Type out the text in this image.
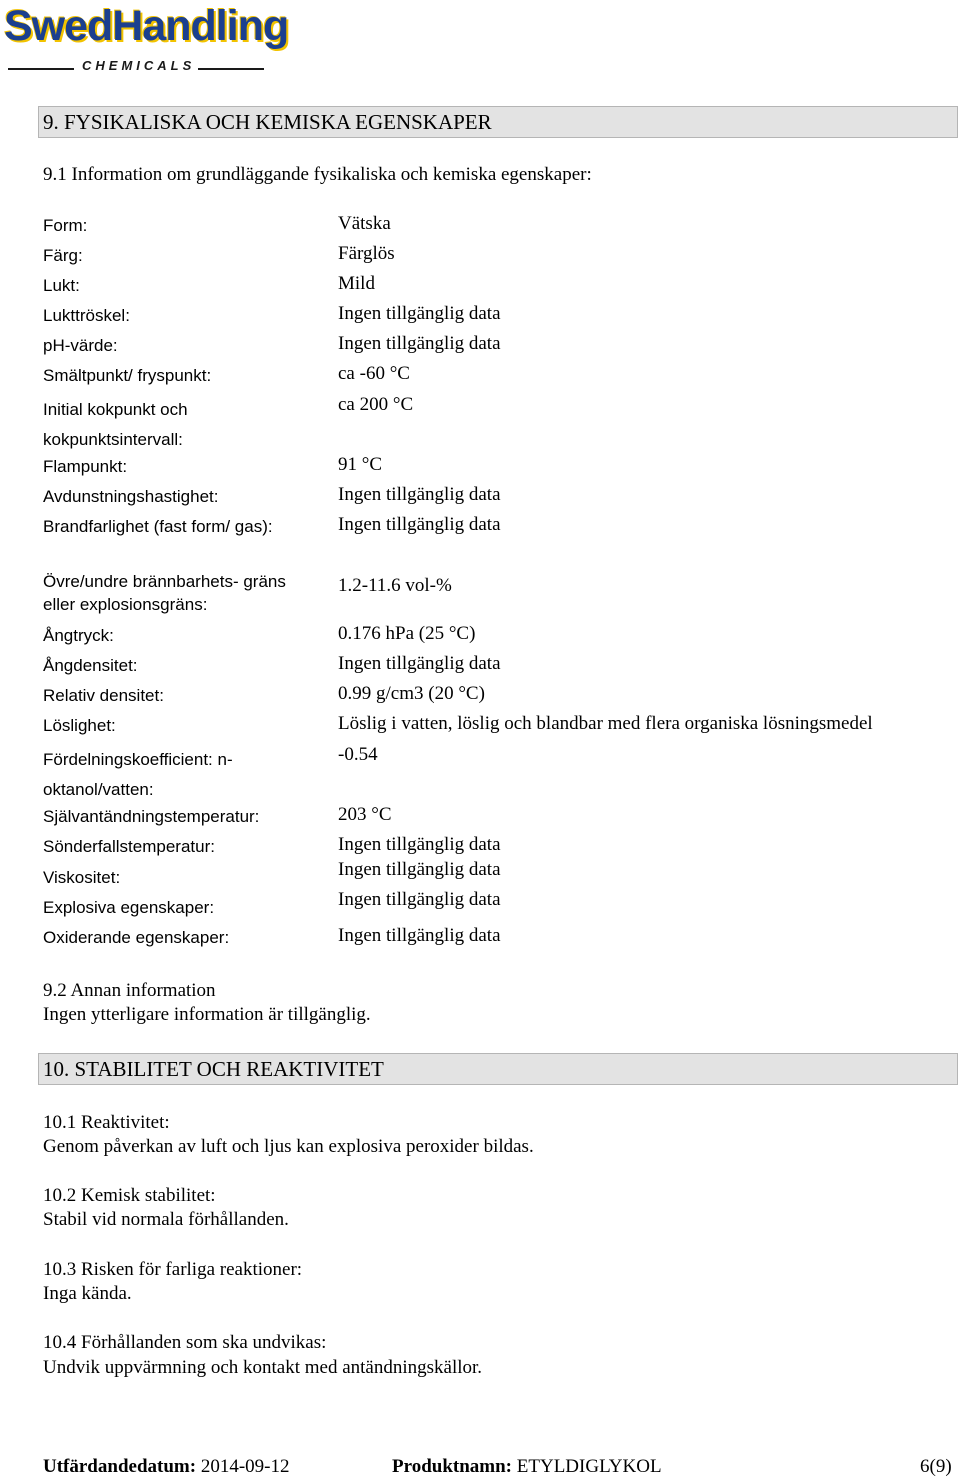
SwedHandling
CHEMICALS
9. FYSIKALISKA OCH KEMISKA EGENSKAPER
9.1 Information om grundläggande fysikaliska och kemiska egenskaper:
Form:	Vätska
Färg:	Färglös
Lukt:	Mild
Lukttröskel:	Ingen tillgänglig data
pH-värde:	Ingen tillgänglig data
Smältpunkt/ fryspunkt:	ca -60 °C
Initial kokpunkt och kokpunktsintervall:
ca 200 °C
Flampunkt:	91 °C
Avdunstningshastighet:	Ingen tillgänglig data
Brandfarlighet (fast form/ gas):	Ingen tillgänglig data
Övre/undre brännbarhets- gräns eller explosionsgräns:
1.2-11.6 vol-%
Ångtryck:	0.176 hPa (25 °C)
Ångdensitet:	Ingen tillgänglig data
Relativ densitet:	0.99 g/cm3 (20 °C)
Löslighet:	Löslig i vatten, löslig och blandbar med flera organiska lösningsmedel
Fördelningskoefficient: n-oktanol/vatten:
-0.54
Självantändningstemperatur:	203 °C
Sönderfallstemperatur:	Ingen tillgänglig data
Viskositet:	Ingen tillgänglig data
Explosiva egenskaper:	Ingen tillgänglig data
Oxiderande egenskaper:	Ingen tillgänglig data
9.2 Annan information
Ingen ytterligare information är tillgänglig.
10. STABILITET OCH REAKTIVITET
10.1 Reaktivitet:
Genom påverkan av luft och ljus kan explosiva peroxider bildas.
10.2 Kemisk stabilitet:
Stabil vid normala förhållanden.
10.3 Risken för farliga reaktioner:
Inga kända.
10.4 Förhållanden som ska undvikas:
Undvik uppvärmning och kontakt med antändningskällor.
Utfärdandedatum: 2014-09-12	Produktnamn: ETYLDIGLYKOL	6(9)
